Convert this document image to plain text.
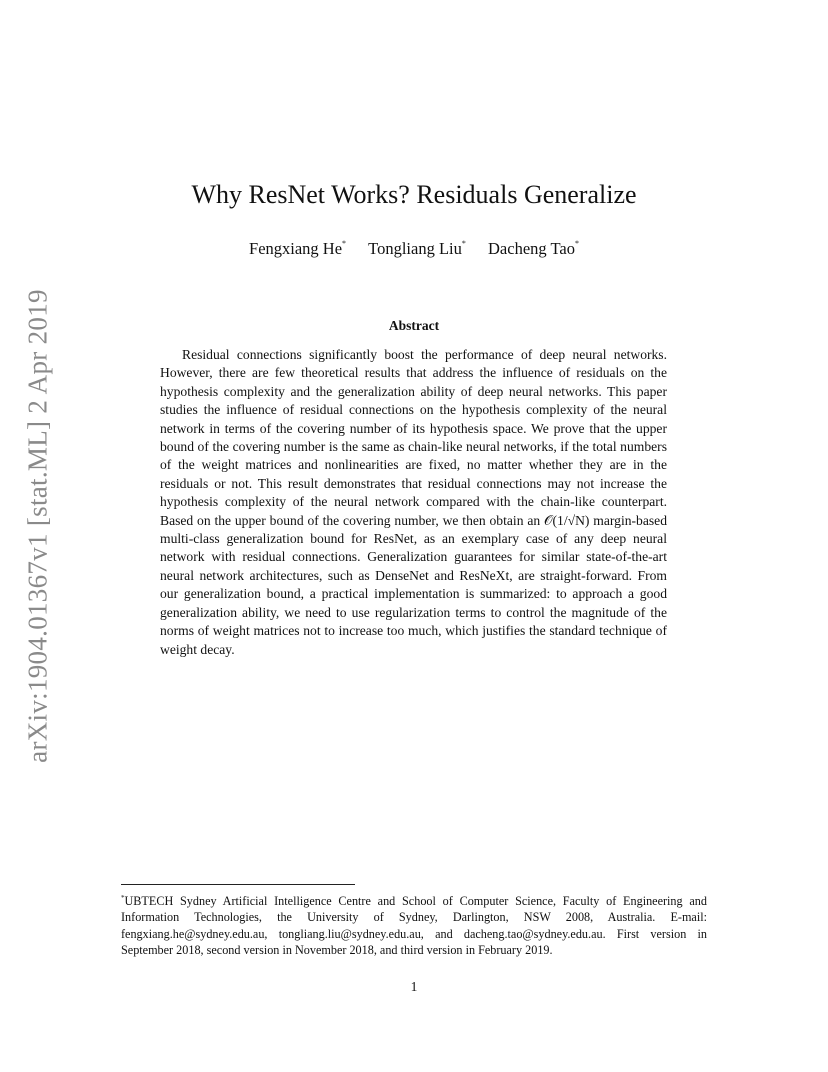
arXiv:1904.01367v1 [stat.ML] 2 Apr 2019
Why ResNet Works? Residuals Generalize
Fengxiang He* Tongliang Liu* Dacheng Tao*
Abstract
Residual connections significantly boost the performance of deep neural networks. However, there are few theoretical results that address the influence of residuals on the hypothesis complexity and the generalization ability of deep neural networks. This paper studies the influence of residual connections on the hypothesis complexity of the neural network in terms of the covering number of its hypothesis space. We prove that the upper bound of the covering number is the same as chain-like neural networks, if the total numbers of the weight matrices and nonlinearities are fixed, no matter whether they are in the residuals or not. This result demonstrates that residual connections may not increase the hypothesis complexity of the neural network compared with the chain-like counterpart. Based on the upper bound of the covering number, we then obtain an 𝒪(1/√N) margin-based multi-class generalization bound for ResNet, as an exemplary case of any deep neural network with residual connections. Generalization guarantees for similar state-of-the-art neural network architectures, such as DenseNet and ResNeXt, are straight-forward. From our generalization bound, a practical implementation is summarized: to approach a good generalization ability, we need to use regularization terms to control the magnitude of the norms of weight matrices not to increase too much, which justifies the standard technique of weight decay.
*UBTECH Sydney Artificial Intelligence Centre and School of Computer Science, Faculty of Engineering and Information Technologies, the University of Sydney, Darlington, NSW 2008, Australia. E-mail: fengxiang.he@sydney.edu.au, tongliang.liu@sydney.edu.au, and dacheng.tao@sydney.edu.au. First version in September 2018, second version in November 2018, and third version in February 2019.
1
